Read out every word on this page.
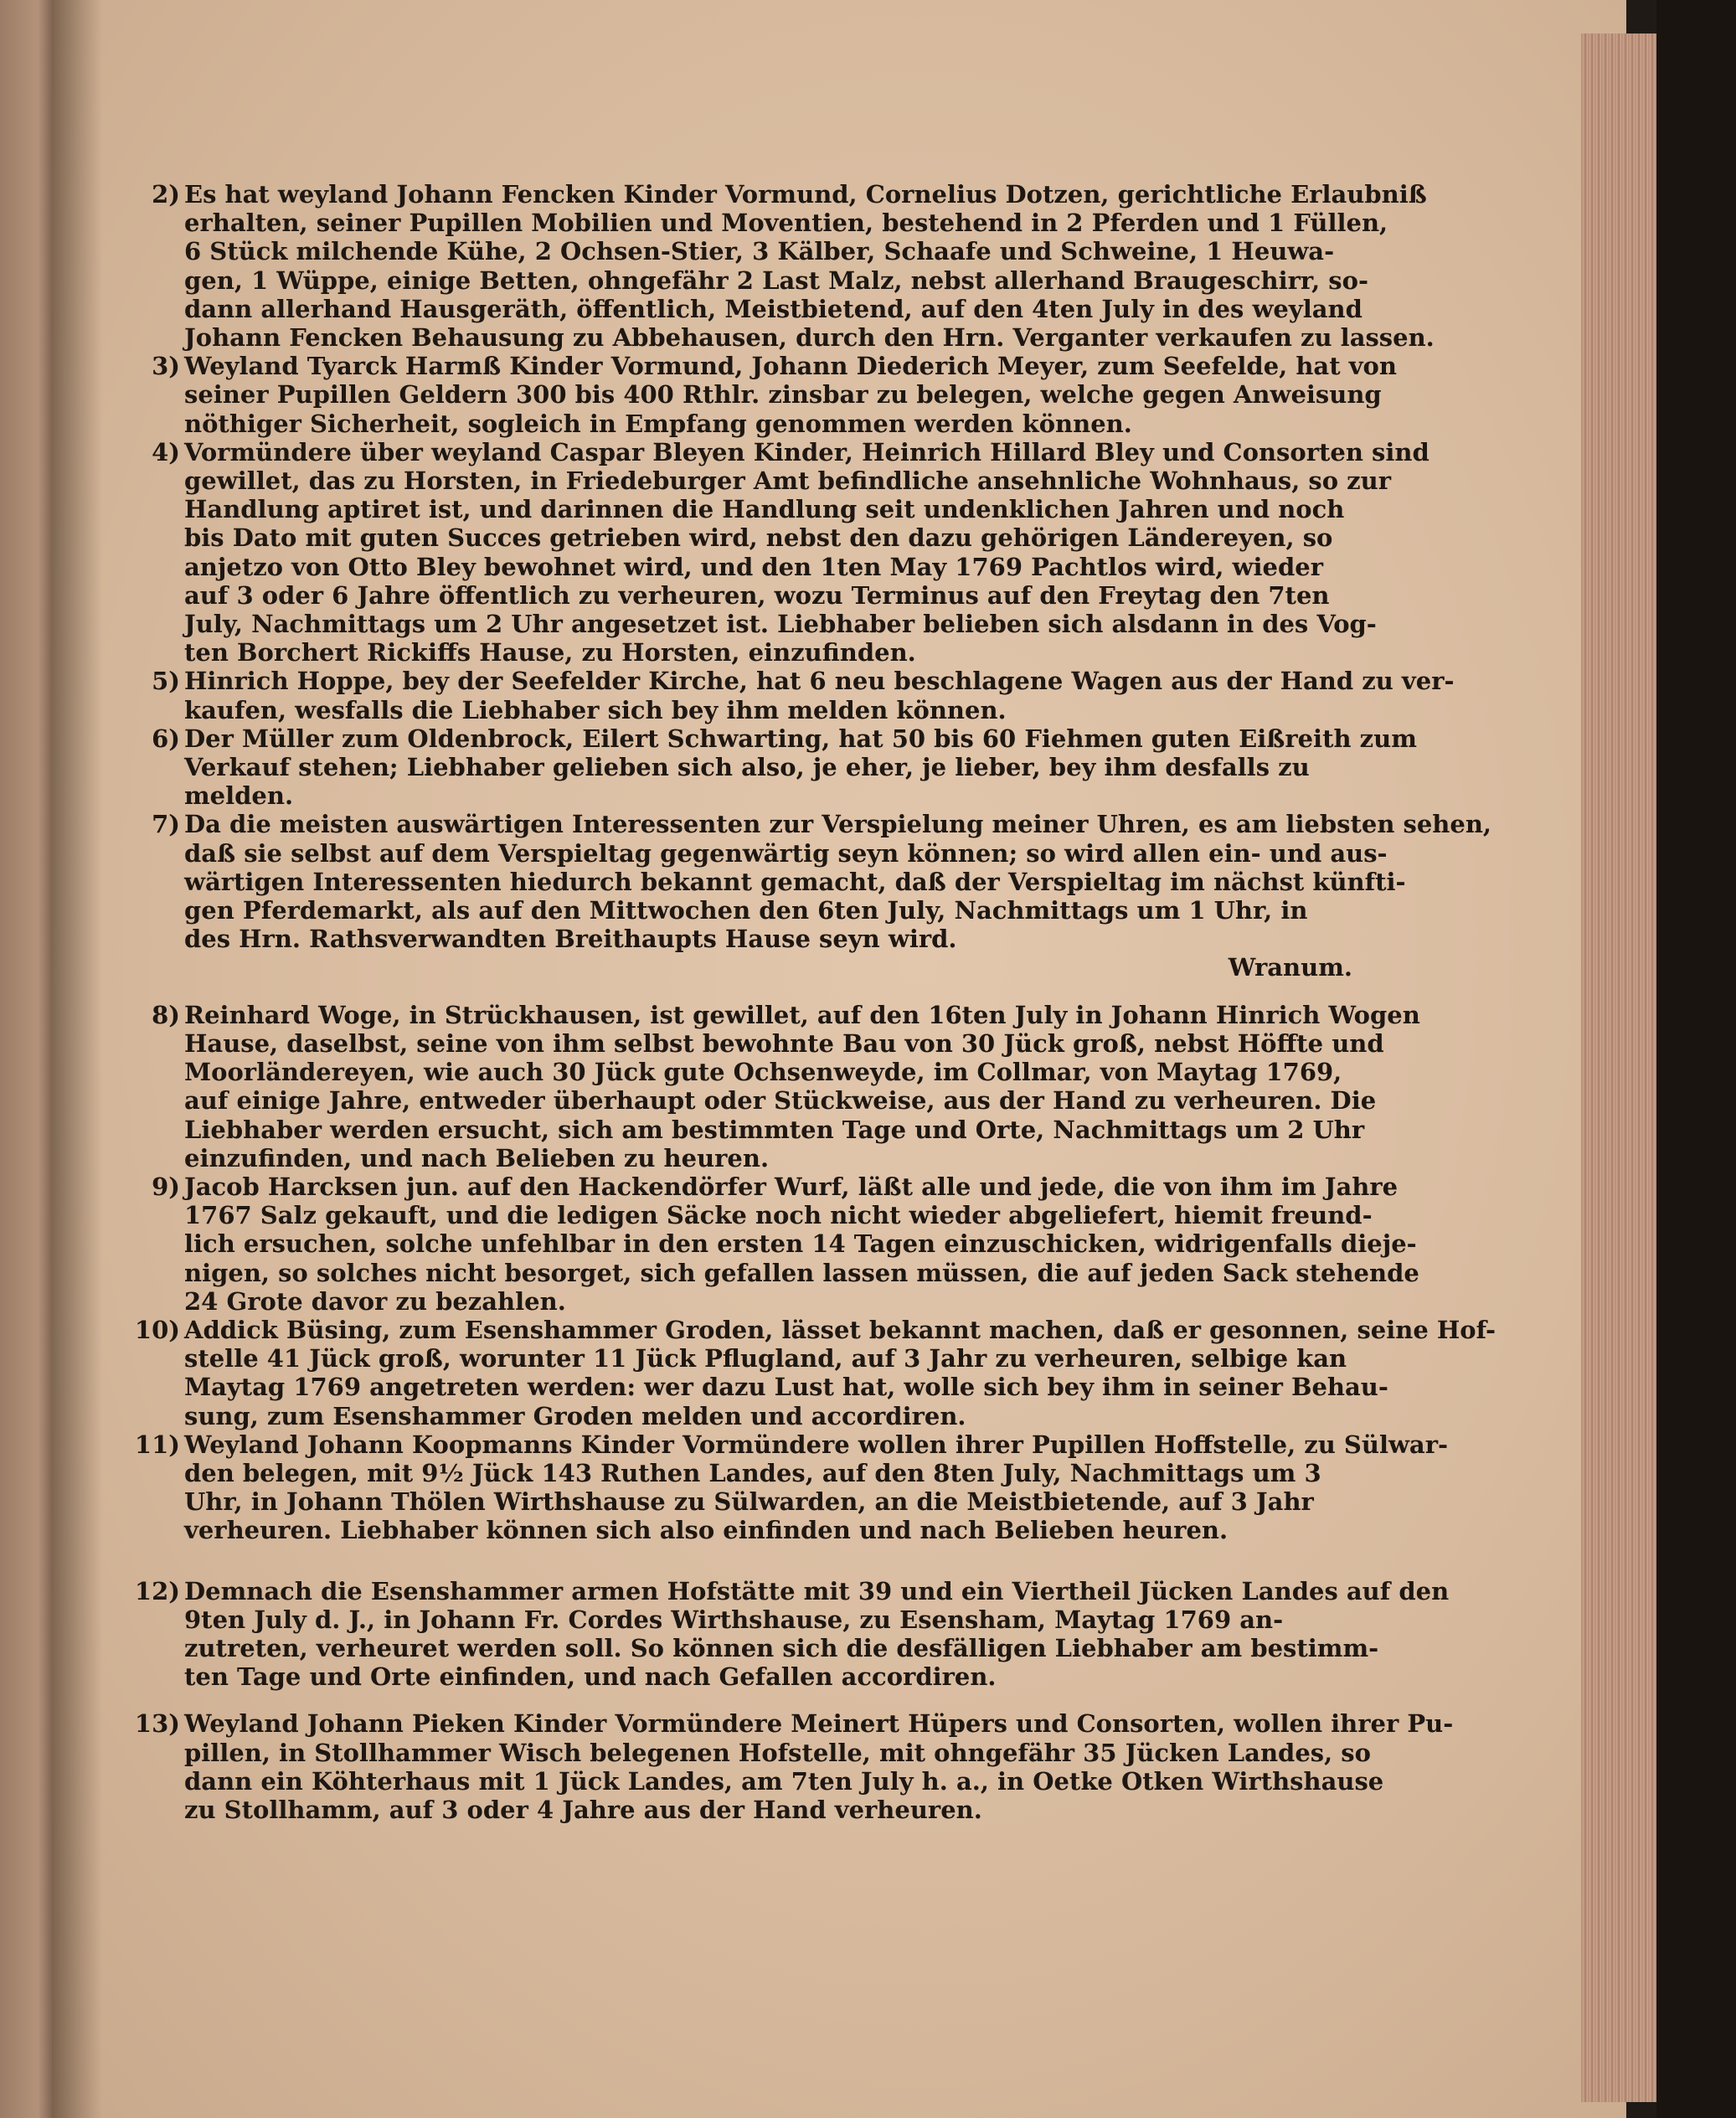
2) Es hat weyland Johann Fencken Kinder Vormund, Cornelius Dotzen, gerichtliche Erlaubniß
erhalten, seiner Pupillen Mobilien und Moventien, bestehend in 2 Pferden und 1 Füllen,
6 Stück milchende Kühe, 2 Ochsen-Stier, 3 Kälber, Schaafe und Schweine, 1 Heuwa-
gen, 1 Wüppe, einige Betten, ohngefähr 2 Last Malz, nebst allerhand Braugeschirr, so-
dann allerhand Hausgeräth, öffentlich, Meistbietend, auf den 4ten July in des weyland
Johann Fencken Behausung zu Abbehausen, durch den Hrn. Verganter verkaufen zu lassen.

3) Weyland Tyarck Harmß Kinder Vormund, Johann Diederich Meyer, zum Seefelde, hat von
seiner Pupillen Geldern 300 bis 400 Rthlr. zinsbar zu belegen, welche gegen Anweisung
nöthiger Sicherheit, sogleich in Empfang genommen werden können.

4) Vormündere über weyland Caspar Bleyen Kinder, Heinrich Hillard Bley und Consorten sind
gewillet, das zu Horsten, in Friedeburger Amt befindliche ansehnliche Wohnhaus, so zur
Handlung aptiret ist, und darinnen die Handlung seit undenklichen Jahren und noch
bis Dato mit guten Succes getrieben wird, nebst den dazu gehörigen Ländereyen, so
anjetzo von Otto Bley bewohnet wird, und den 1ten May 1769 Pachtlos wird, wieder
auf 3 oder 6 Jahre öffentlich zu verheuren, wozu Terminus auf den Freytag den 7ten
July, Nachmittags um 2 Uhr angesetzet ist. Liebhaber belieben sich alsdann in des Vog-
ten Borchert Rickiffs Hause, zu Horsten, einzufinden.

5) Hinrich Hoppe, bey der Seefelder Kirche, hat 6 neu beschlagene Wagen aus der Hand zu ver-
kaufen, wesfalls die Liebhaber sich bey ihm melden können.

6) Der Müller zum Oldenbrock, Eilert Schwarting, hat 50 bis 60 Fiehmen guten Eißreith zum
Verkauf stehen; Liebhaber gelieben sich also, je eher, je lieber, bey ihm desfalls zu
melden.

7) Da die meisten auswärtigen Interessenten zur Verspielung meiner Uhren, es am liebsten sehen,
daß sie selbst auf dem Verspieltag gegenwärtig seyn können; so wird allen ein- und aus-
wärtigen Interessenten hiedurch bekannt gemacht, daß der Verspieltag im nächst künfti-
gen Pferdemarkt, als auf den Mittwochen den 6ten July, Nachmittags um 1 Uhr, in
des Hrn. Rathsverwandten Breithaupts Hause seyn wird.
Wranum.

8) Reinhard Woge, in Strückhausen, ist gewillet, auf den 16ten July in Johann Hinrich Wogen
Hause, daselbst, seine von ihm selbst bewohnte Bau von 30 Jück groß, nebst Höffte und
Moorländereyen, wie auch 30 Jück gute Ochsenweyde, im Collmar, von Maytag 1769,
auf einige Jahre, entweder überhaupt oder Stückweise, aus der Hand zu verheuren. Die
Liebhaber werden ersucht, sich am bestimmten Tage und Orte, Nachmittags um 2 Uhr
einzufinden, und nach Belieben zu heuren.

9) Jacob Harcksen jun. auf den Hackendörfer Wurf, läßt alle und jede, die von ihm im Jahre
1767 Salz gekauft, und die ledigen Säcke noch nicht wieder abgeliefert, hiemit freund-
lich ersuchen, solche unfehlbar in den ersten 14 Tagen einzuschicken, widrigenfalls dieje-
nigen, so solches nicht besorget, sich gefallen lassen müssen, die auf jeden Sack stehende
24 Grote davor zu bezahlen.

10) Addick Büsing, zum Esenshammer Groden, lässet bekannt machen, daß er gesonnen, seine Hof-
stelle 41 Jück groß, worunter 11 Jück Pflugland, auf 3 Jahr zu verheuren, selbige kan
Maytag 1769 angetreten werden: wer dazu Lust hat, wolle sich bey ihm in seiner Behau-
sung, zum Esenshammer Groden melden und accordiren.

11) Weyland Johann Koopmanns Kinder Vormündere wollen ihrer Pupillen Hoffstelle, zu Sülwar-
den belegen, mit 9½ Jück 143 Ruthen Landes, auf den 8ten July, Nachmittags um 3
Uhr, in Johann Thölen Wirthshause zu Sülwarden, an die Meistbietende, auf 3 Jahr
verheuren. Liebhaber können sich also einfinden und nach Belieben heuren.

12) Demnach die Esenshammer armen Hofstätte mit 39 und ein Viertheil Jücken Landes auf den
9ten July d. J., in Johann Fr. Cordes Wirthshause, zu Esensham, Maytag 1769 an-
zutreten, verheuret werden soll. So können sich die desfälligen Liebhaber am bestimm-
ten Tage und Orte einfinden, und nach Gefallen accordiren.

13) Weyland Johann Pieken Kinder Vormündere Meinert Hüpers und Consorten, wollen ihrer Pu-
pillen, in Stollhammer Wisch belegenen Hofstelle, mit ohngefähr 35 Jücken Landes, so
dann ein Köhterhaus mit 1 Jück Landes, am 7ten July h. a., in Oetke Otken Wirthshause
zu Stollhamm, auf 3 oder 4 Jahre aus der Hand verheuren.
